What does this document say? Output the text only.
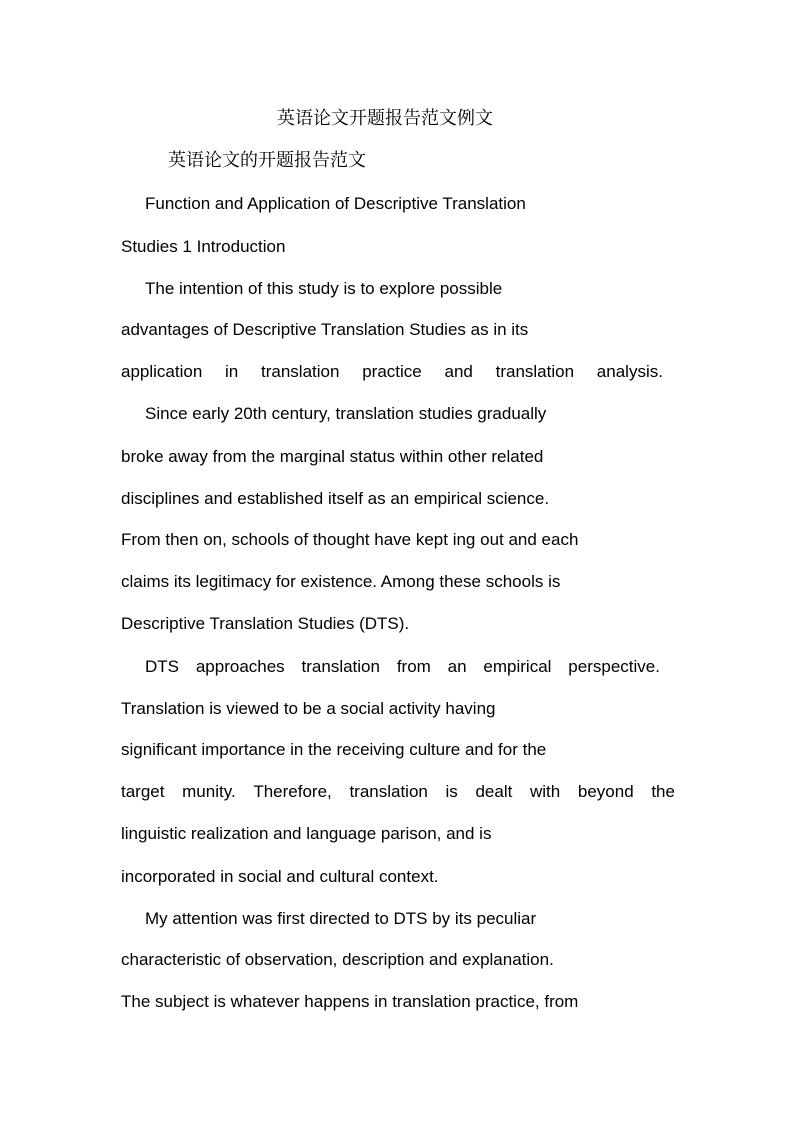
英语论文开题报告范文例文
英语论文的开题报告范文
Function and Application of Descriptive Translation
Studies 1 Introduction
The intention of this study is to explore possible
advantages of Descriptive Translation Studies as in its
application in translation practice and translation analysis.
Since early 20th century, translation studies gradually
broke away from the marginal status within other related
disciplines and established itself as an empirical science.
From then on, schools of thought have kept ing out and each
claims its legitimacy for existence. Among these schools is
Descriptive Translation Studies (DTS).
DTS approaches translation from an empirical perspective.
Translation is viewed to be a social activity having
significant importance in the receiving culture and for the
target munity. Therefore, translation is dealt with beyond the
linguistic realization and language parison, and is
incorporated in social and cultural context.
My attention was first directed to DTS by its peculiar
characteristic of observation, description and explanation.
The subject is whatever happens in translation practice, from
